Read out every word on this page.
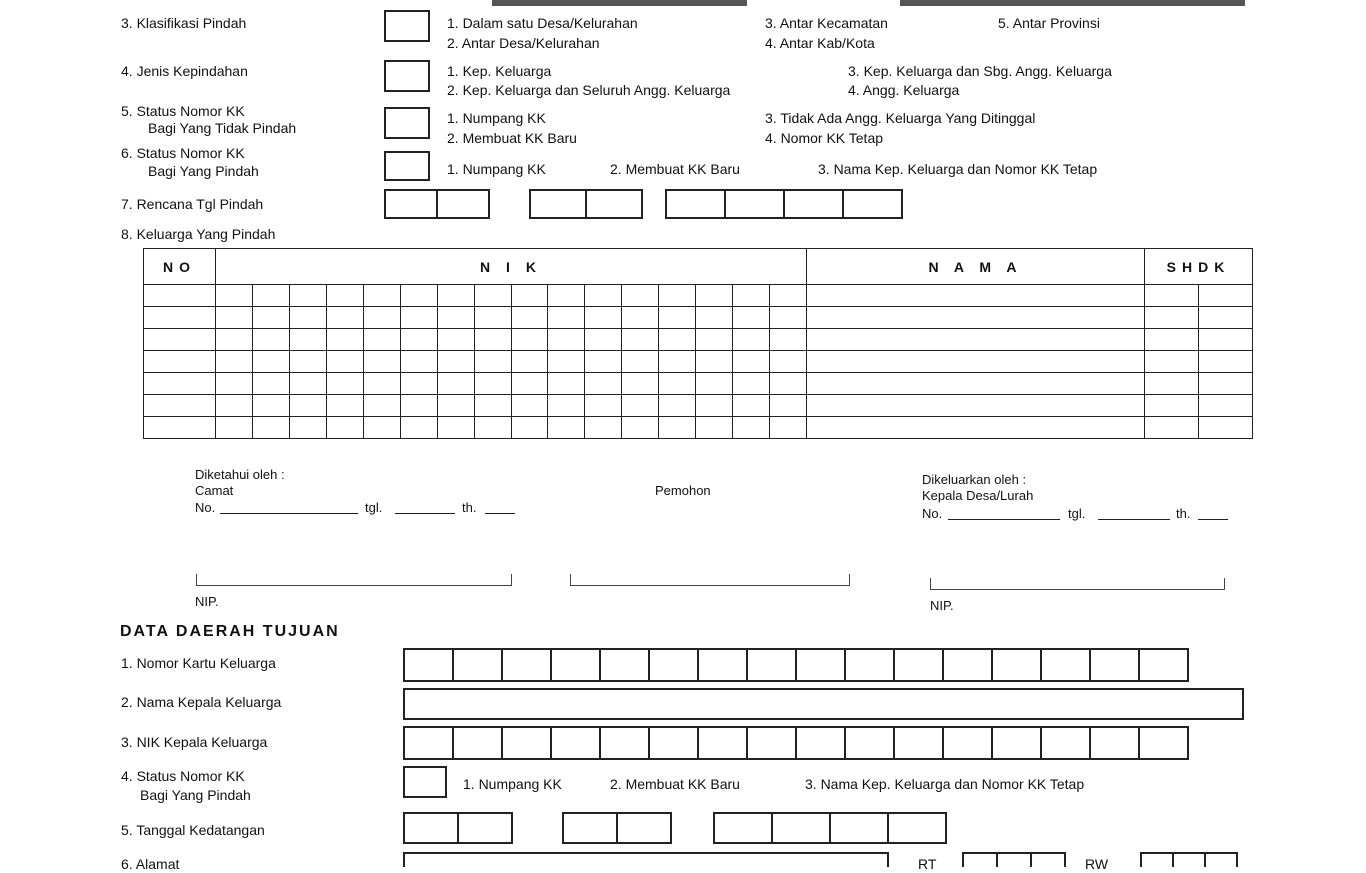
3. Klasifikasi Pindah	1. Dalam satu Desa/Kelurahan
2. Antar Desa/Kelurahan
3. Antar Kecamatan
4. Antar Kab/Kota
5. Antar Provinsi
4. Jenis Kepindahan	1. Kep. Keluarga
2. Kep. Keluarga dan Seluruh Angg. Keluarga
3. Kep. Keluarga dan Sbg. Angg. Keluarga
4. Angg. Keluarga
5. Status Nomor KK
Bagi Yang Tidak Pindah
1. Numpang KK
2. Membuat KK Baru
3. Tidak Ada Angg. Keluarga Yang Ditinggal
4. Nomor KK Tetap
6. Status Nomor KK
Bagi Yang Pindah	1. Numpang KK	2. Membuat KK Baru	3. Nama Kep. Keluarga dan Nomor KK Tetap
7. Rencana Tgl Pindah
8. Keluarga Yang Pindah
NO	N I K																N A M A	SHDK	

Diketahui oleh :
Camat
No.	tgl.	th.
Pemohon
Dikeluarkan oleh :
Kepala Desa/Lurah
No.	tgl.	th.
NIP.	NIP.
DATA DAERAH TUJUAN
1. Nomor Kartu Keluarga
2. Nama Kepala Keluarga
3. NIK Kepala Keluarga
4. Status Nomor KK
Bagi Yang Pindah
1. Numpang KK	2. Membuat KK Baru	3. Nama Kep. Keluarga dan Nomor KK Tetap
5. Tanggal Kedatangan
6. Alamat	RT	RW
